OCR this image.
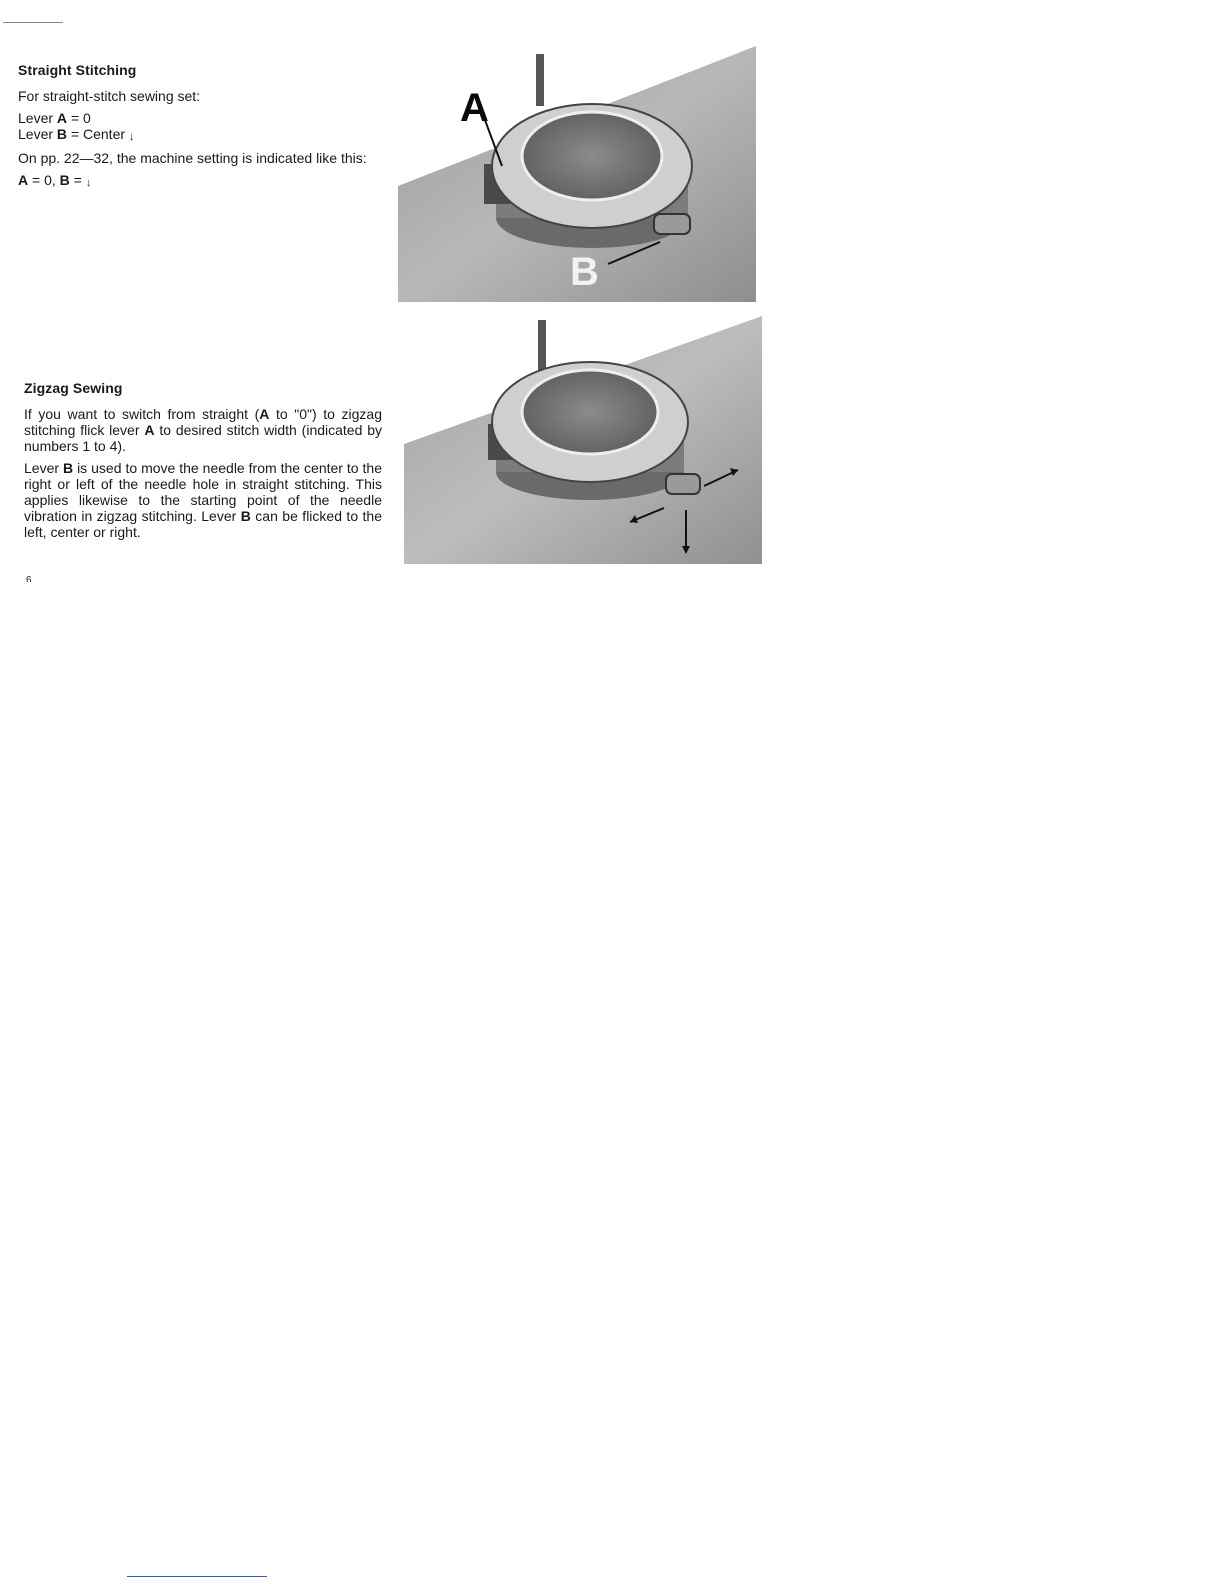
Straight Stitching

For straight-stitch sewing set:

Lever A = 0
Lever B = Center ↓

On pp. 22—32, the machine setting is indicated like this:

A = 0, B = ↓
Zigzag Sewing

If you want to switch from straight (A to "0") to zigzag stitching flick lever A to desired stitch width (indicated by numbers 1 to 4).

Lever B is used to move the needle from the center to the right or left of the needle hole in straight stitching. This applies likewise to the starting point of the needle vibration in zigzag stitching. Lever B can be flicked to the left, center or right.

6
A
B
